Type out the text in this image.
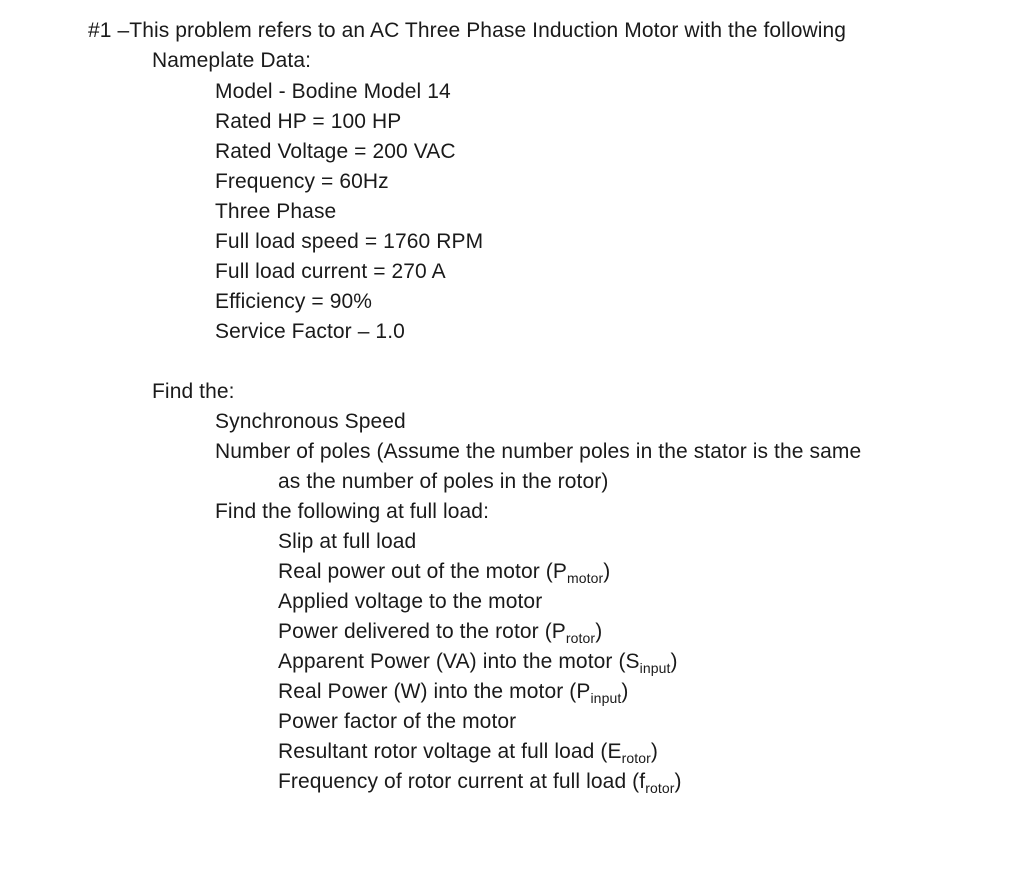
#1 –This problem refers to an AC Three Phase Induction Motor with the following
Nameplate Data:
Model - Bodine Model 14
Rated HP = 100 HP
Rated Voltage = 200 VAC
Frequency = 60Hz
Three Phase
Full load speed = 1760 RPM
Full load current = 270 A
Efficiency = 90%
Service Factor – 1.0
Find the:
Synchronous Speed
Number of poles (Assume the number poles in the stator is the same
as the number of poles in the rotor)
Find the following at full load:
Slip at full load
Real power out of the motor $(P_{motor})$
Applied voltage to the motor
Power delivered to the rotor $(P_{rotor})$
Apparent Power (VA) into the motor $(S_{input})$
Real Power (W) into the motor $(P_{input})$
Power factor of the motor
Resultant rotor voltage at full load $(E_{rotor})$
Frequency of rotor current at full load $(f_{rotor})$
